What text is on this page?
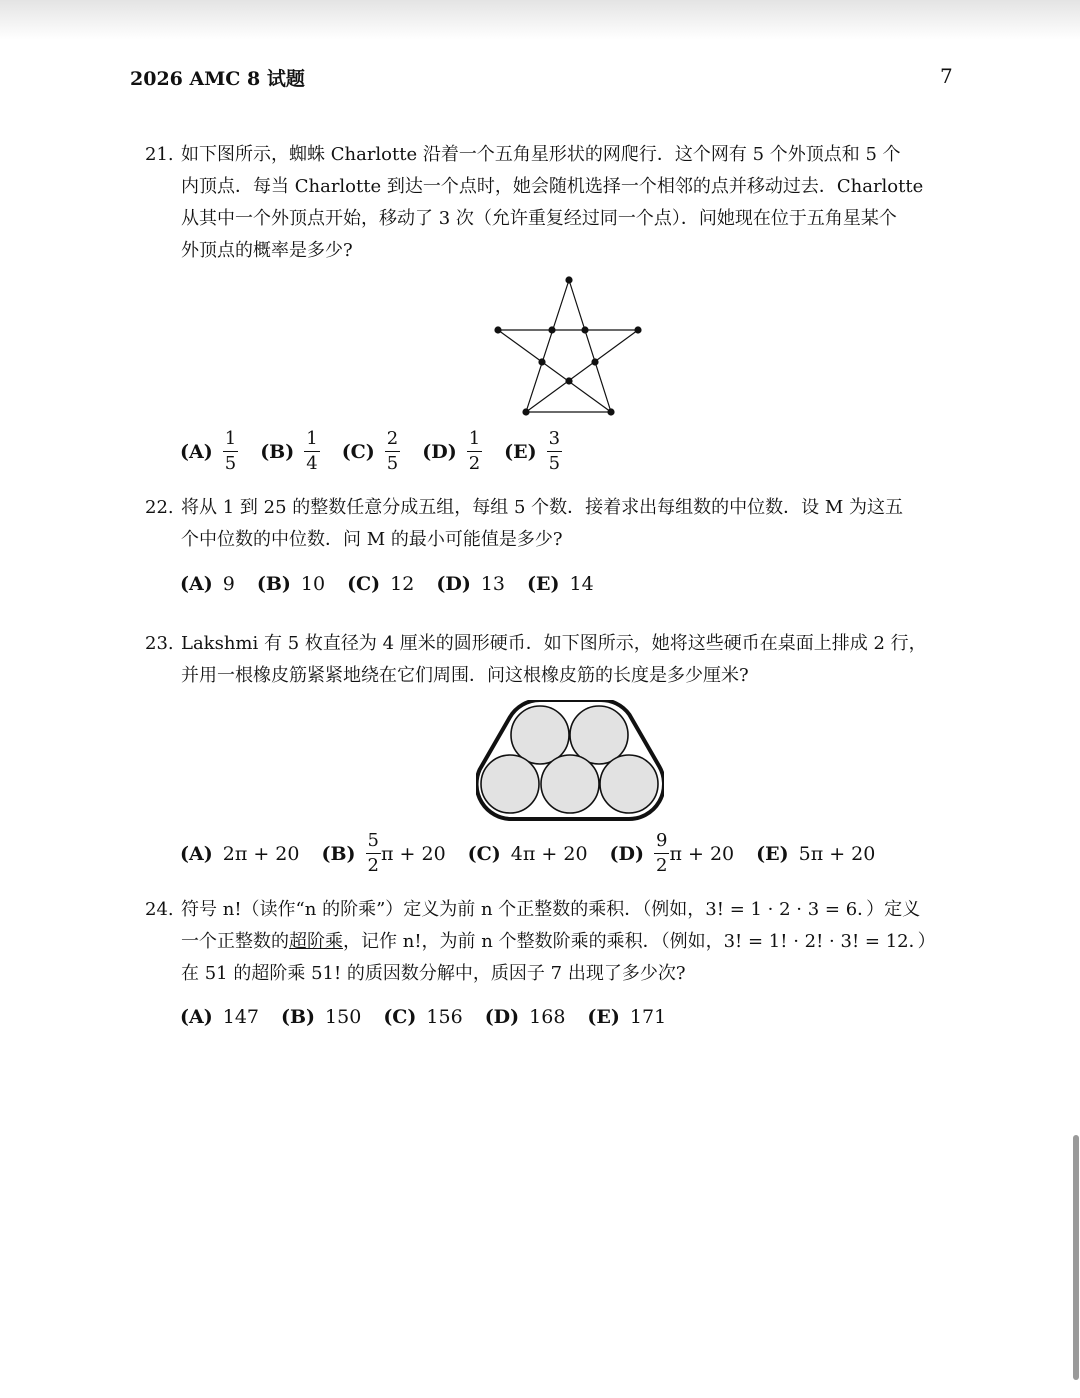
2026 AMC 8 试题	7
21. 如下图所示，蜘蛛 Charlotte 沿着一个五角星形状的网爬行．这个网有 5 个外顶点和 5 个
内顶点．每当 Charlotte 到达一个点时，她会随机选择一个相邻的点并移动过去．Charlotte
从其中一个外顶点开始，移动了 3 次（允许重复经过同一个点）．问她现在位于五角星某个
外顶点的概率是多少?
$(A) \frac{1}{5} (B) \frac{1}{4} (C) \frac{2}{5} (D) \frac{1}{2} (E) \frac{3}{5}$
22. 将从 1 到 25 的整数任意分成五组，每组 5 个数．接着求出每组数的中位数．设 M 为这五
个中位数的中位数．问 M 的最小可能值是多少?
(A) 9 (B) 10 (C) 12 (D) 13 (E) 14
23. Lakshmi 有 5 枚直径为 4 厘米的圆形硬币．如下图所示，她将这些硬币在桌面上排成 2 行，
并用一根橡皮筋紧紧地绕在它们周围．问这根橡皮筋的长度是多少厘米?
(A) 2π + 20 $(B) \frac{5}{2}$ π + 20 (C) 4π + 20 $(D) \frac{9}{2}$ π + 20 (E) 5π + 20
24. 符号 n!（读作“n 的阶乘”）定义为前 n 个正整数的乘积．（例如，3! = 1 · 2 · 3 = 6．）定义
一个正整数的超阶乘，记作 n!，为前 n 个整数阶乘的乘积．（例如，3! = 1! · 2! · 3! = 12．）
在 51 的超阶乘 51! 的质因数分解中，质因子 7 出现了多少次?
(A) 147 (B) 150 (C) 156 (D) 168 (E) 171
